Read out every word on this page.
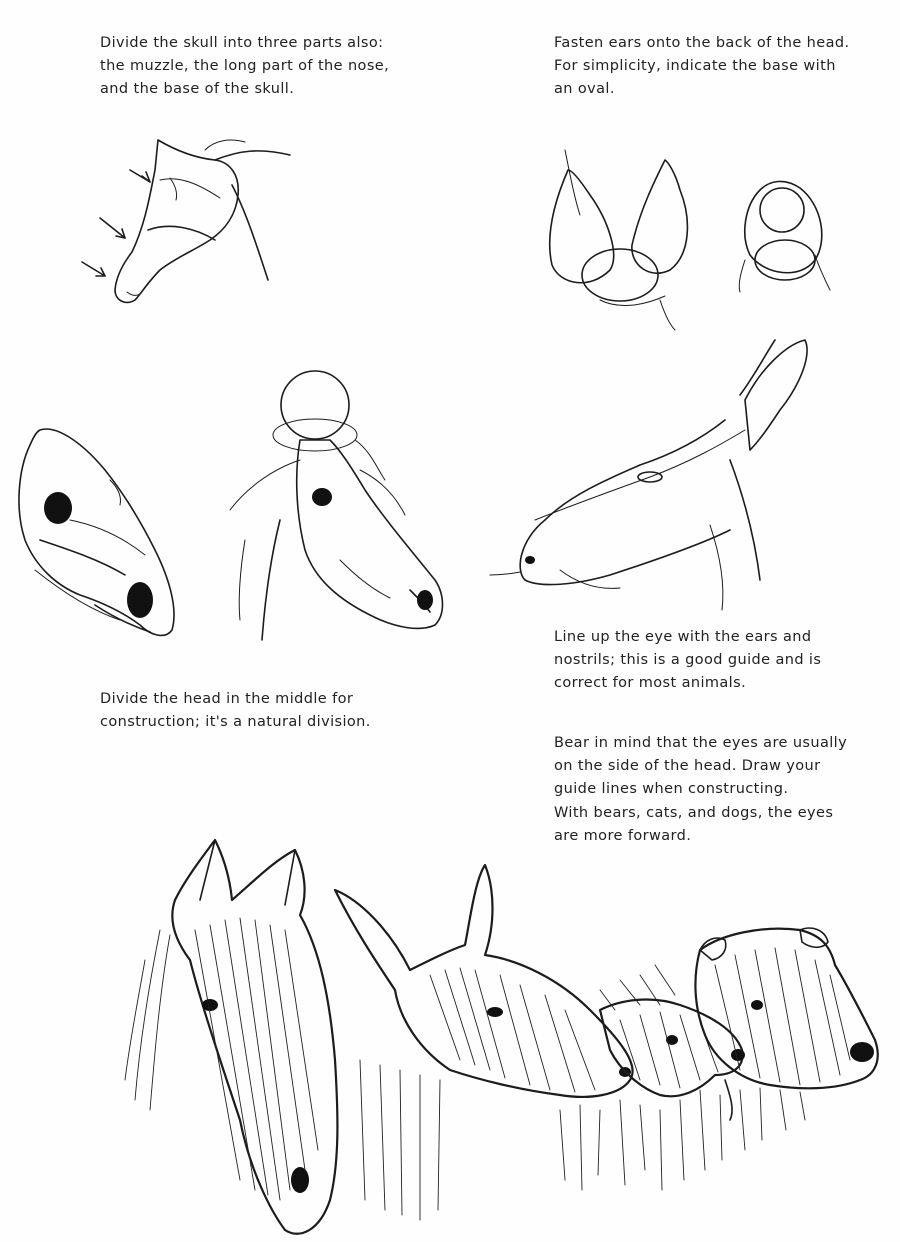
Divide the skull into three parts also:
the muzzle, the long part of the nose,
and the base of the skull.
Fasten ears onto the back of the head.
For simplicity, indicate the base with
an oval.
Divide the head in the middle for
construction; it's a natural division.
Line up the eye with the ears and
nostrils; this is a good guide and is
correct for most animals.
Bear in mind that the eyes are usually
on the side of the head. Draw your
guide lines when constructing.
With bears, cats, and dogs, the eyes
are more forward.
